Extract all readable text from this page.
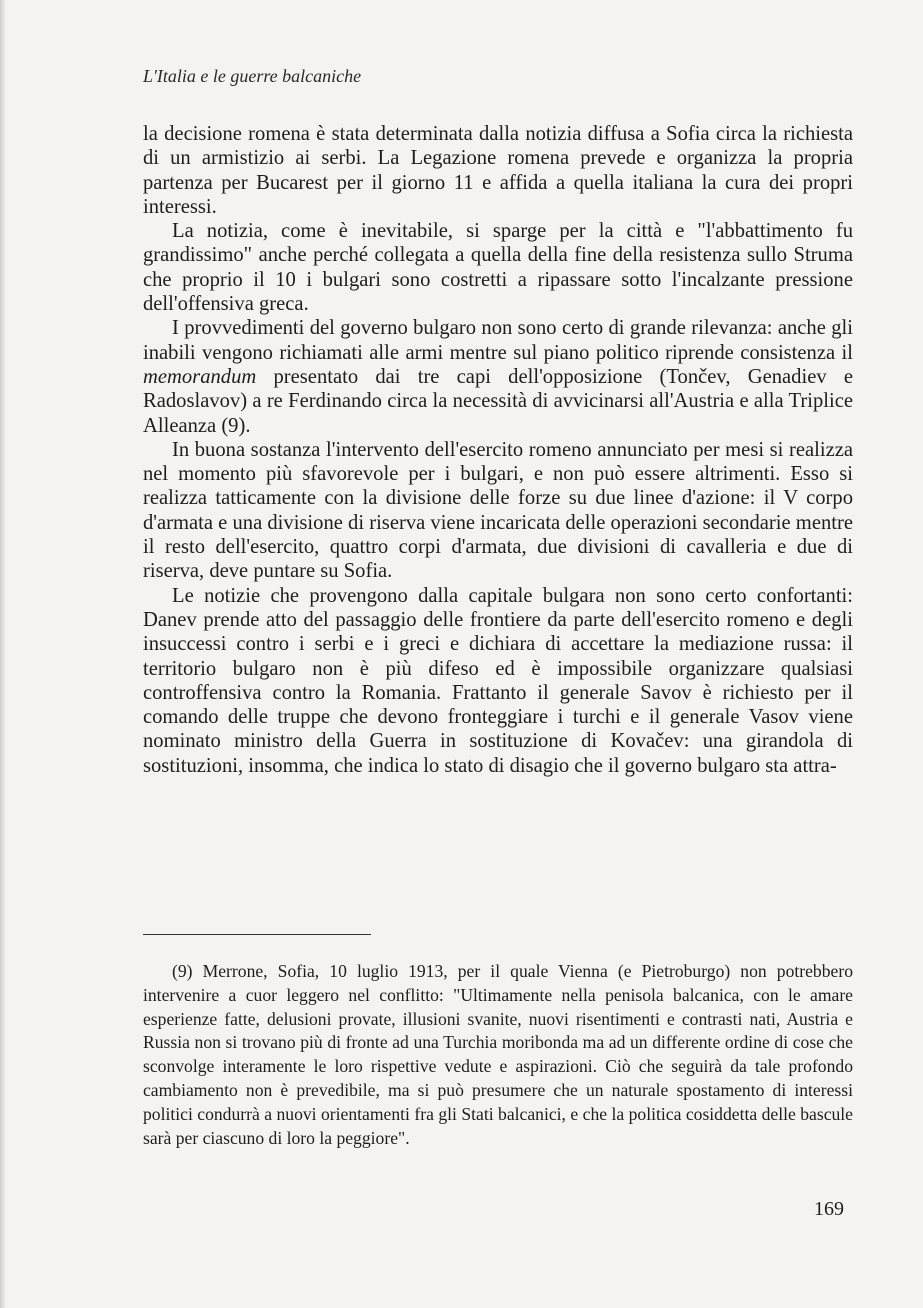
L'Italia e le guerre balcaniche

la decisione romena è stata determinata dalla notizia diffusa a Sofia circa la richiesta di un armistizio ai serbi. La Legazione romena prevede e organizza la propria partenza per Bucarest per il giorno 11 e affida a quella italiana la cura dei propri interessi.

La notizia, come è inevitabile, si sparge per la città e "l'abbattimento fu grandissimo" anche perché collegata a quella della fine della resistenza sullo Struma che proprio il 10 i bulgari sono costretti a ripassare sotto l'incalzante pressione dell'offensiva greca.

I provvedimenti del governo bulgaro non sono certo di grande rilevanza: anche gli inabili vengono richiamati alle armi mentre sul piano politico riprende consistenza il memorandum presentato dai tre capi dell'opposizione (Tončev, Genadiev e Radoslavov) a re Ferdinando circa la necessità di avvicinarsi all'Austria e alla Triplice Alleanza (9).

In buona sostanza l'intervento dell'esercito romeno annunciato per mesi si realizza nel momento più sfavorevole per i bulgari, e non può essere altrimenti. Esso si realizza tatticamente con la divisione delle forze su due linee d'azione: il V corpo d'armata e una divisione di riserva viene incaricata delle operazioni secondarie mentre il resto dell'esercito, quattro corpi d'armata, due divisioni di cavalleria e due di riserva, deve puntare su Sofia.

Le notizie che provengono dalla capitale bulgara non sono certo confortanti: Danev prende atto del passaggio delle frontiere da parte dell'esercito romeno e degli insuccessi contro i serbi e i greci e dichiara di accettare la mediazione russa: il territorio bulgaro non è più difeso ed è impossibile organizzare qualsiasi controffensiva contro la Romania. Frattanto il generale Savov è richiesto per il comando delle truppe che devono fronteggiare i turchi e il generale Vasov viene nominato ministro della Guerra in sostituzione di Kovačev: una girandola di sostituzioni, insomma, che indica lo stato di disagio che il governo bulgaro sta attra-

(9) Merrone, Sofia, 10 luglio 1913, per il quale Vienna (e Pietroburgo) non potrebbero intervenire a cuor leggero nel conflitto: "Ultimamente nella penisola balcanica, con le amare esperienze fatte, delusioni provate, illusioni svanite, nuovi risentimenti e contrasti nati, Austria e Russia non si trovano più di fronte ad una Turchia moribonda ma ad un differente ordine di cose che sconvolge interamente le loro rispettive vedute e aspirazioni. Ciò che seguirà da tale profondo cambiamento non è prevedibile, ma si può presumere che un naturale spostamento di interessi politici condurrà a nuovi orientamenti fra gli Stati balcanici, e che la politica cosiddetta delle bascule sarà per ciascuno di loro la peggiore".

169
